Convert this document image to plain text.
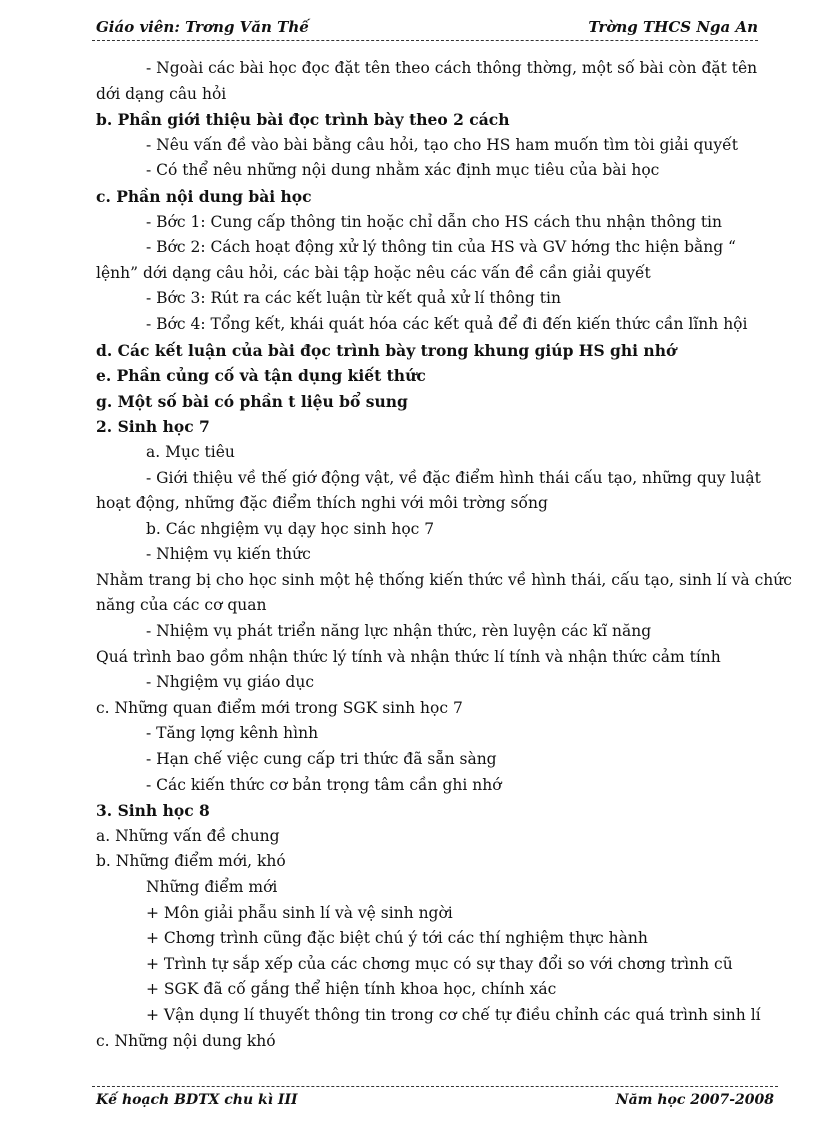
Giáo viên: Trơng Văn Thế	Trờng THCS Nga An
- Ngoài các bài học đọc đặt tên theo cách thông thờng, một số bài còn đặt tên
dới dạng câu hỏi
b. Phần giới thiệu bài đọc trình bày theo 2 cách
- Nêu vấn đề vào bài bằng câu hỏi, tạo cho HS ham muốn tìm tòi giải quyết
- Có thể nêu những nội dung nhằm xác định mục tiêu của bài học
c. Phần nội dung bài học
- Bớc 1: Cung cấp thông tin hoặc chỉ dẫn cho HS cách thu nhận thông tin
- Bớc 2: Cách hoạt động xử lý thông tin của HS và GV hớng thc hiện bằng “
lệnh” dới dạng câu hỏi, các bài tập hoặc nêu các vấn đề cần giải quyết
- Bớc 3: Rút ra các kết luận từ kết quả xử lí thông tin
- Bớc 4: Tổng kết, khái quát hóa các kết quả để đi đến kiến thức cần lĩnh hội
d. Các kết luận của bài đọc trình bày trong khung giúp HS ghi nhớ
e. Phần củng cố và tận dụng kiết thức
g. Một số bài có phần t liệu bổ sung
2. Sinh học 7
a. Mục tiêu
- Giới thiệu về thế giớ động vật, về đặc điểm hình thái cấu tạo, những quy luật
hoạt động, những đặc điểm thích nghi với môi trờng sống
b. Các nhgiệm vụ dạy học sinh học 7
- Nhiệm vụ kiến thức
Nhằm trang bị cho học sinh một hệ thống kiến thức về hình thái, cấu tạo, sinh lí và chức
năng của các cơ quan
- Nhiệm vụ phát triển năng lực nhận thức, rèn luyện các kĩ năng
Quá trình bao gồm nhận thức lý tính và nhận thức lí tính và nhận thức cảm tính
- Nhgiệm vụ giáo dục
c. Những quan điểm mới trong SGK sinh học 7
- Tăng lợng kênh hình
- Hạn chế việc cung cấp tri thức đã sẵn sàng
- Các kiến thức cơ bản trọng tâm cần ghi nhớ
3. Sinh học 8
a. Những vấn đề chung
b. Những điểm mới, khó
Những điểm mới
+ Môn giải phẫu sinh lí và vệ sinh ngời
+ Chơng trình cũng đặc biệt chú ý tới các thí nghiệm thực hành
+ Trình tự sắp xếp của các chơng mục có sự thay đổi so với chơng trình cũ
+ SGK đã cố gắng thể hiện tính khoa học, chính xác
+ Vận dụng lí thuyết thông tin trong cơ chế tự điều chỉnh các quá trình sinh lí
c. Những nội dung khó
Kế hoạch BDTX chu kì III	Năm học 2007-2008
